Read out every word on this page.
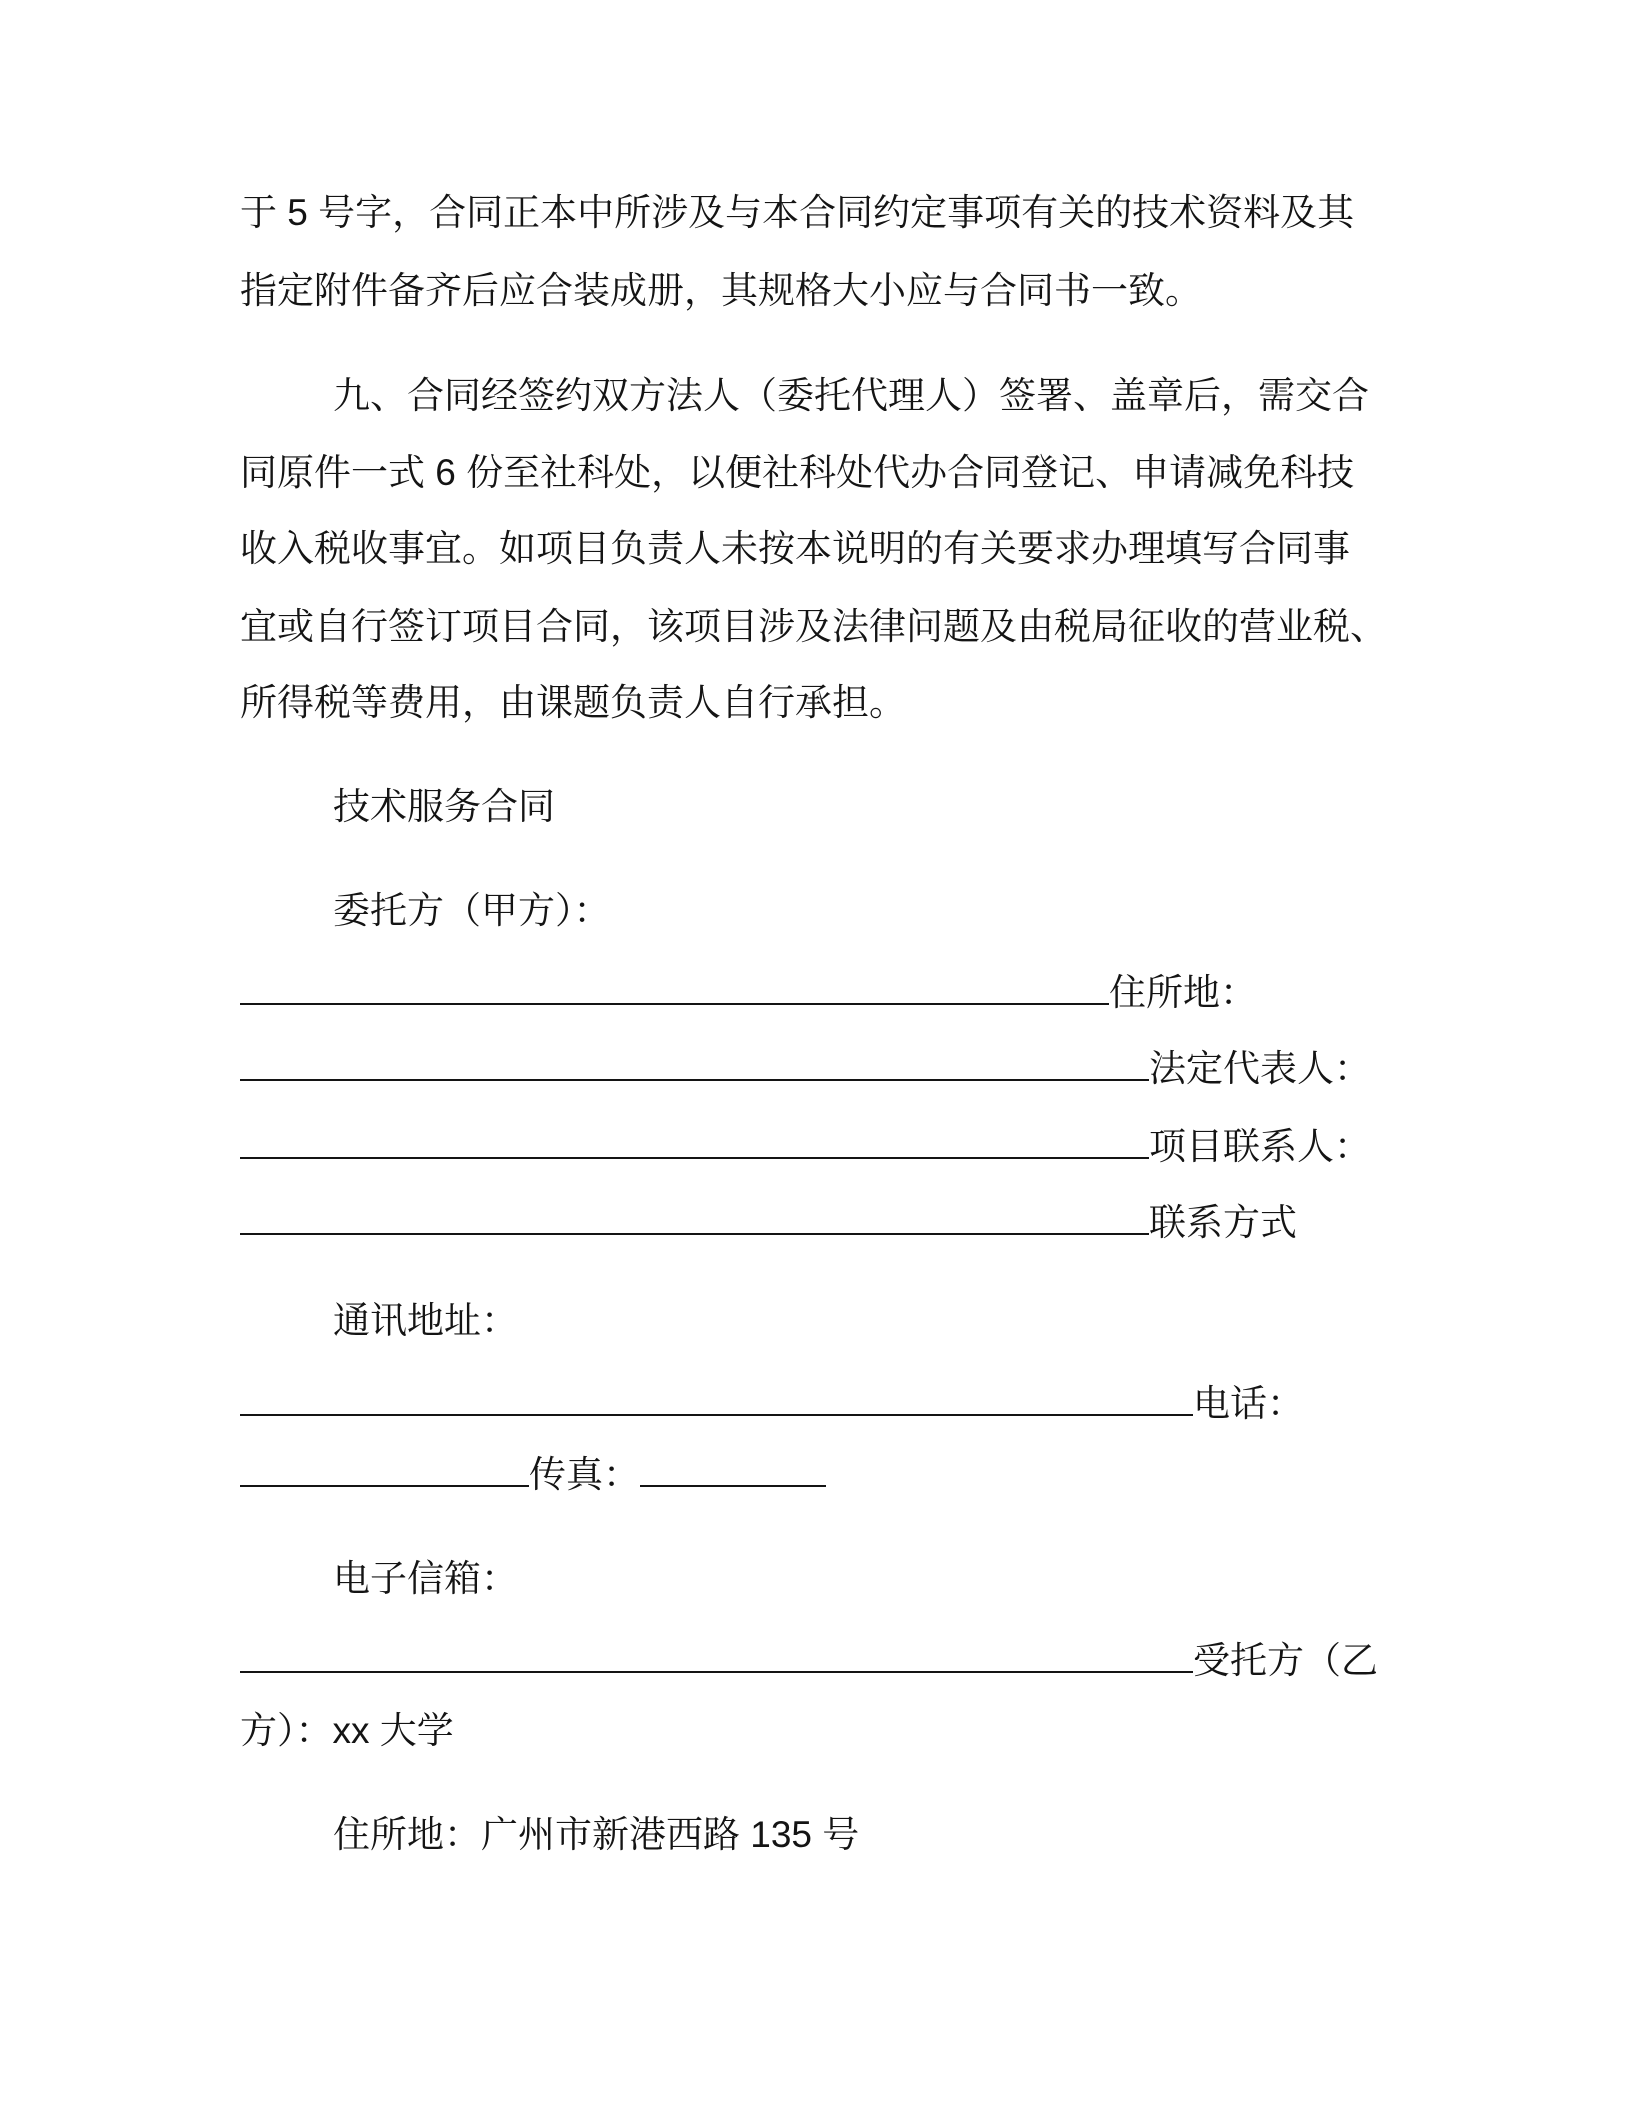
于 5 号字，合同正本中所涉及与本合同约定事项有关的技术资料及其
指定附件备齐后应合装成册，其规格大小应与合同书一致。
九、合同经签约双方法人（委托代理人）签署、盖章后，需交合
同原件一式 6 份至社科处，以便社科处代办合同登记、申请减免科技
收入税收事宜。如项目负责人未按本说明的有关要求办理填写合同事
宜或自行签订项目合同，该项目涉及法律问题及由税局征收的营业税、
所得税等费用，由课题负责人自行承担。
技术服务合同
委托方（甲方）：
住所地：
法定代表人：
项目联系人：
联系方式
通讯地址：
电话：
传真：
电子信箱：
受托方（乙
方）：xx 大学
住所地：广州市新港西路 135 号
